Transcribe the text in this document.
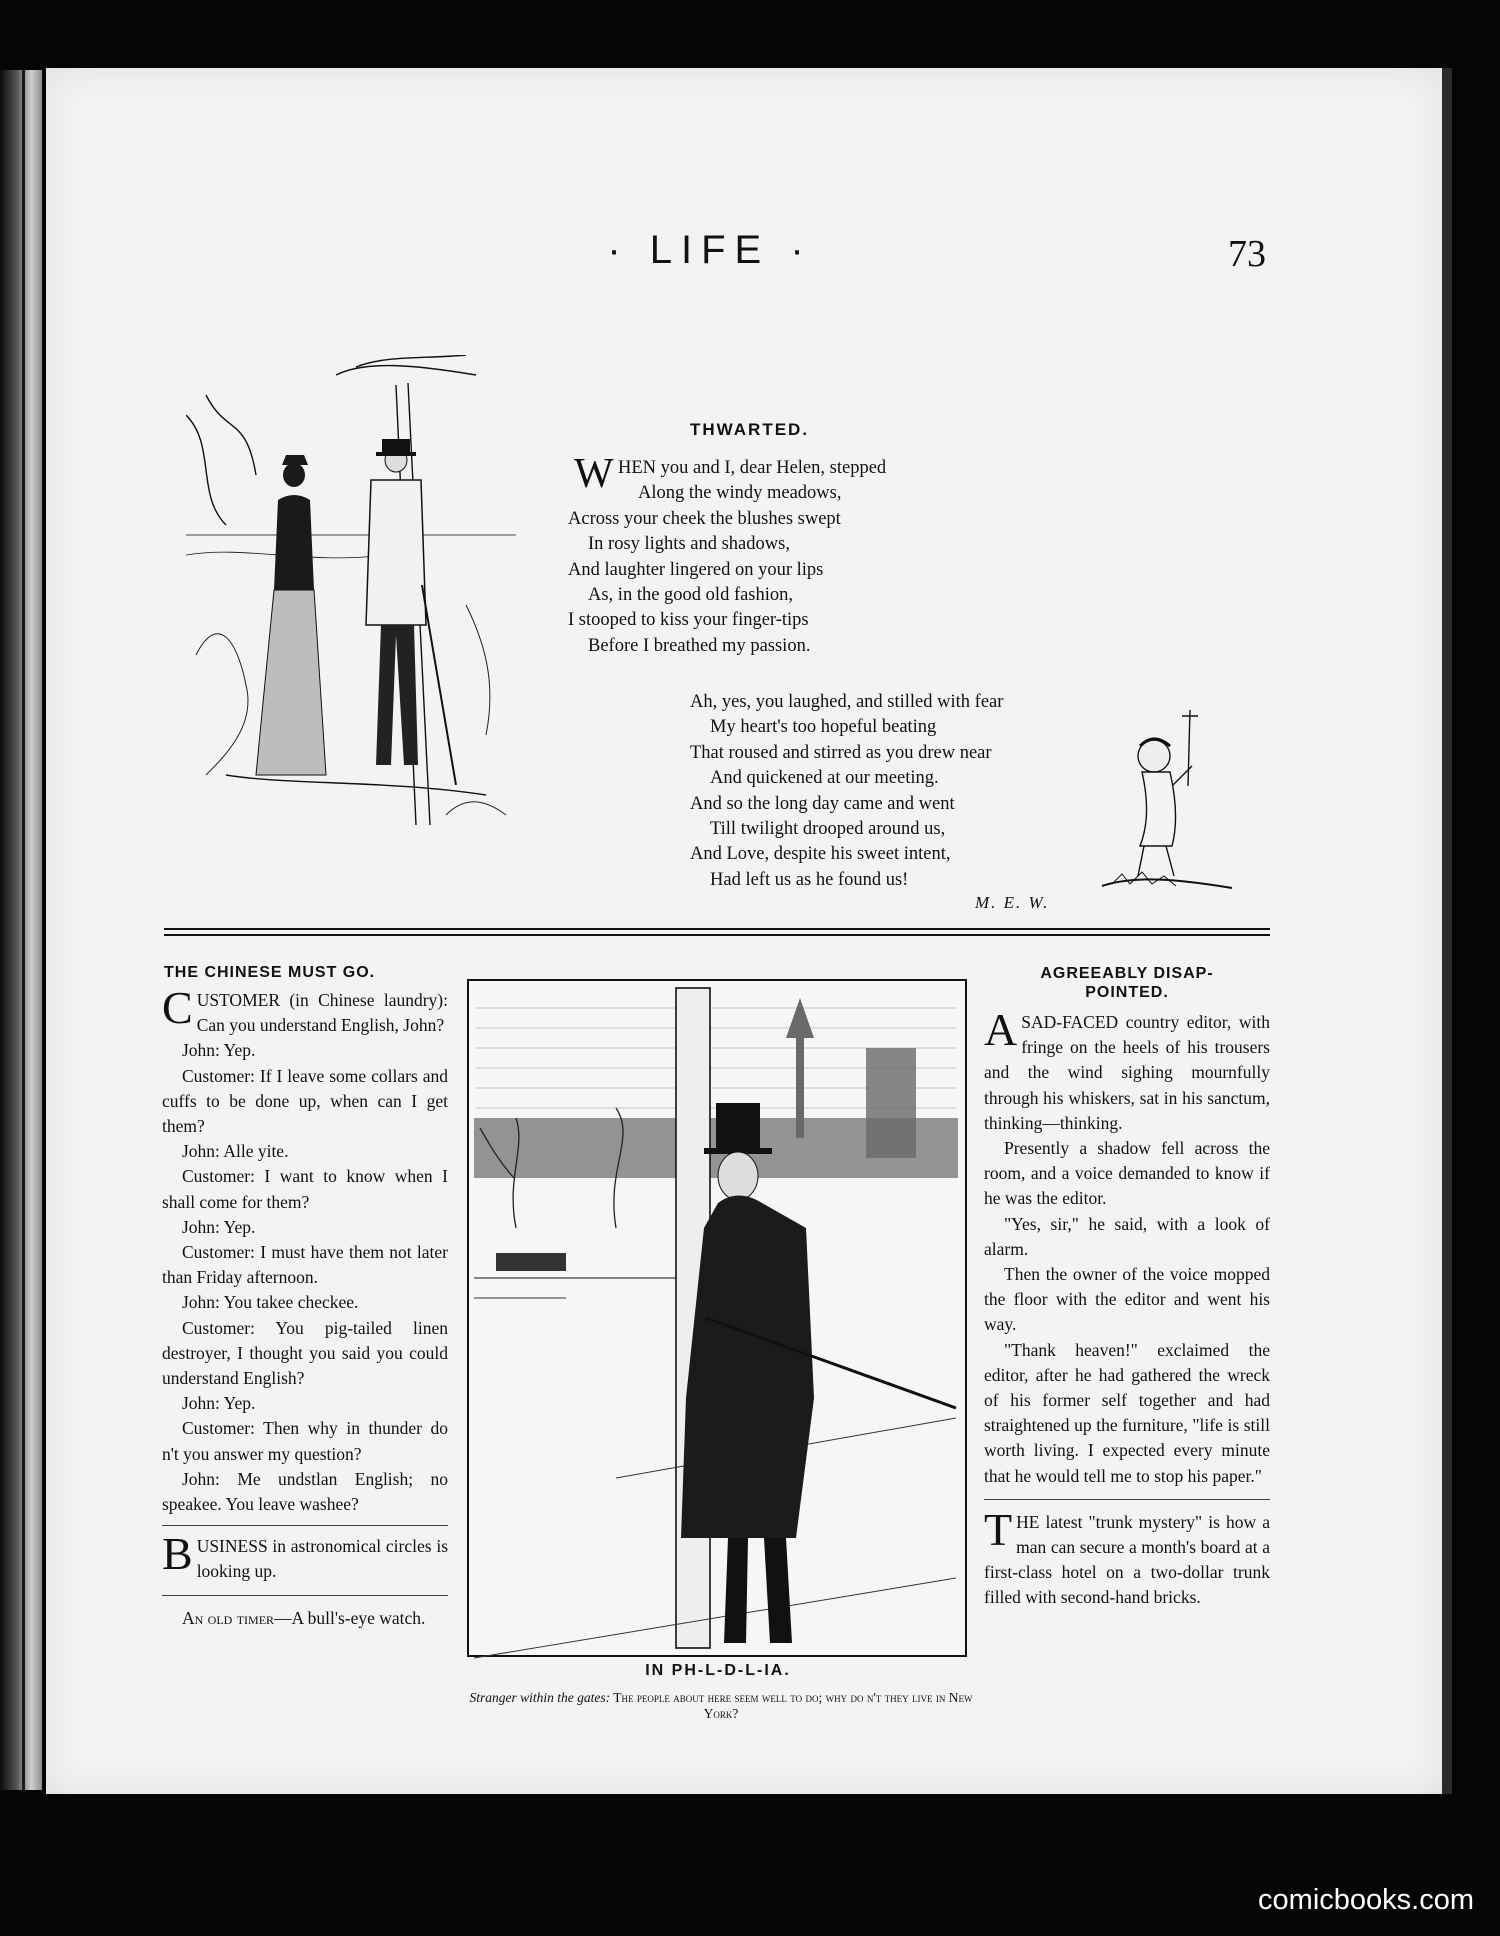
· LIFE ·	73
THWARTED.
W HEN you and I, dear Helen, stepped
Along the windy meadows,
Across your cheek the blushes swept
In rosy lights and shadows,
And laughter lingered on your lips
As, in the good old fashion,
I stooped to kiss your finger-tips
Before I breathed my passion.
Ah, yes, you laughed, and stilled with fear
My heart's too hopeful beating
That roused and stirred as you drew near
And quickened at our meeting.
And so the long day came and went
Till twilight drooped around us,
And Love, despite his sweet intent,
Had left us as he found us!
M. E. W.
THE CHINESE MUST GO.

CUSTOMER (in Chinese laundry): Can you understand English, John?

John: Yep.

Customer: If I leave some collars and cuffs to be done up, when can I get them?

John: Alle yite.

Customer: I want to know when I shall come for them?

John: Yep.

Customer: I must have them not later than Friday afternoon.

John: You takee checkee.

Customer: You pig-tailed linen destroyer, I thought you said you could understand English?

John: Yep.

Customer: Then why in thunder do n't you answer my question?

John: Me undstlan English; no speakee. You leave washee?

BUSINESS in astronomical circles is looking up.

An old timer—A bull's-eye watch.

IN PH-L-D-L-IA.
Stranger within the gates: The people about here seem well to do; why do n't they live in New York?
AGREEABLY DISAP-
POINTED.

ASAD-FACED country editor, with fringe on the heels of his trousers and the wind sighing mournfully through his whiskers, sat in his sanctum, thinking—thinking.

Presently a shadow fell across the room, and a voice demanded to know if he was the editor.

"Yes, sir," he said, with a look of alarm.

Then the owner of the voice mopped the floor with the editor and went his way.

"Thank heaven!" exclaimed the editor, after he had gathered the wreck of his former self together and had straightened up the furniture, "life is still worth living. I expected every minute that he would tell me to stop his paper."

THE latest "trunk mystery" is how a man can secure a month's board at a first-class hotel on a two-dollar trunk filled with second-hand bricks.

comicbooks.com
